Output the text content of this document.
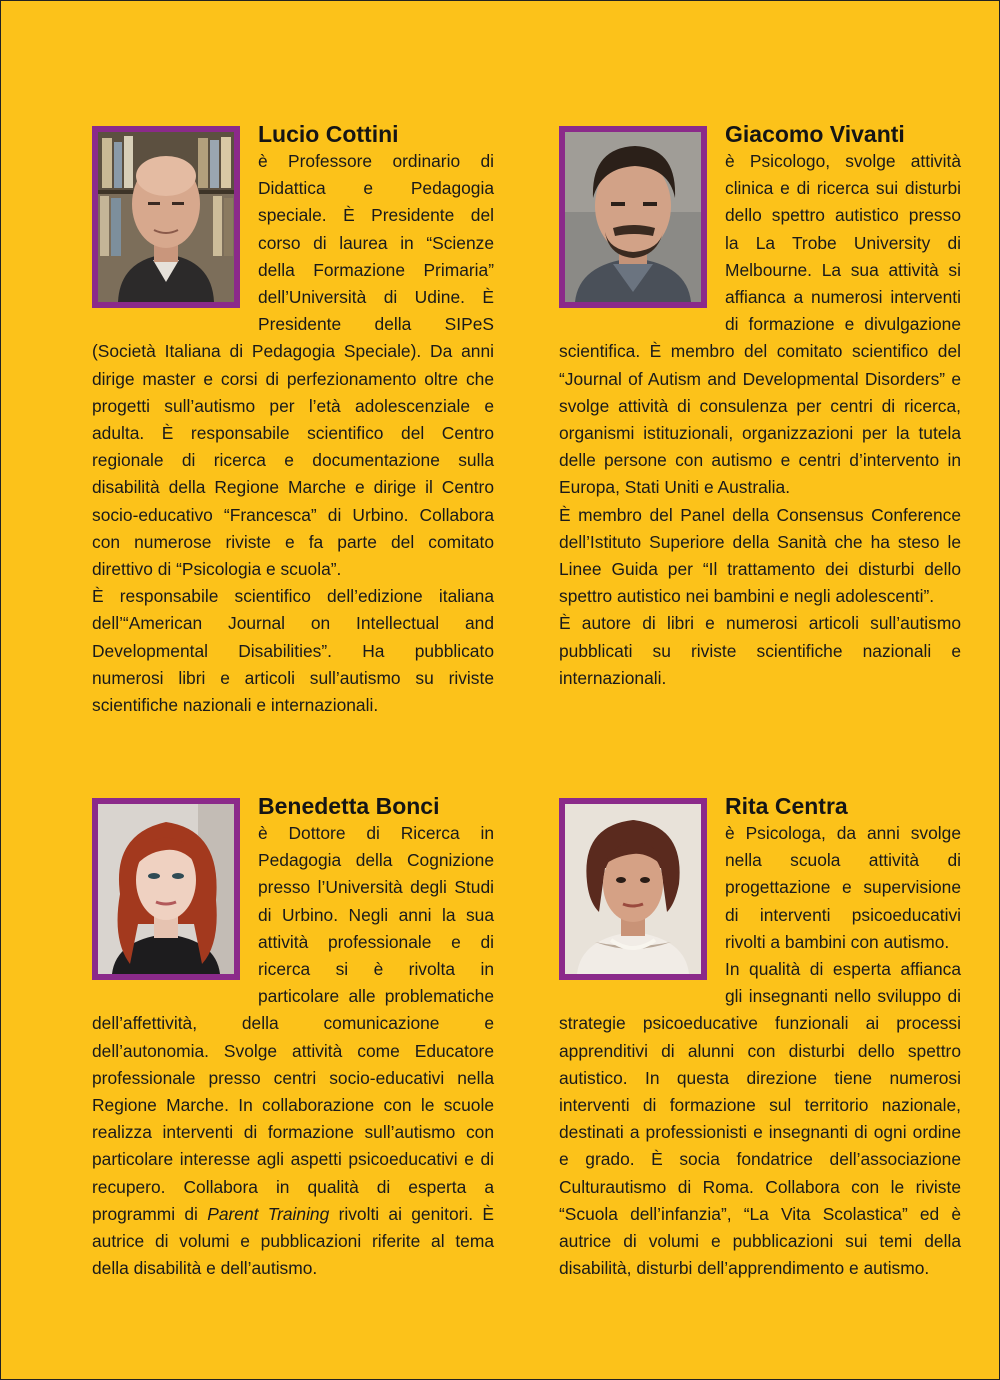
Lucio Cottini

è Professore ordinario di Didattica e Pedagogia speciale. È Presidente del corso di laurea in “Scienze della Formazione Primaria” dell’Università di Udine. È Presidente della SIPeS (Società Italiana di Pedagogia Speciale). Da anni dirige master e corsi di perfezionamento oltre che progetti sull’autismo per l’età adolescenziale e adulta. È responsabile scientifico del Centro regionale di ricerca e documentazione sulla disabilità della Regione Marche e dirige il Centro socio-educativo “Francesca” di Urbino. Collabora con numerose riviste e fa parte del comitato direttivo di “Psicologia e scuola”.

È responsabile scientifico dell’edizione italiana dell’“American Journal on Intellectual and Developmental Disabilities”. Ha pubblicato numerosi libri e articoli sull’autismo su riviste scientifiche nazionali e internazionali.

Giacomo Vivanti

è Psicologo, svolge attività clinica e di ricerca sui disturbi dello spettro autistico presso la La Trobe University di Melbourne. La sua attività si affianca a numerosi interventi di formazione e divulgazione scientifica. È membro del comitato scientifico del “Journal of Autism and Developmental Disorders” e svolge attività di consulenza per centri di ricerca, organismi istituzionali, organizzazioni per la tutela delle persone con autismo e centri d’intervento in Europa, Stati Uniti e Australia.

È membro del Panel della Consensus Conference dell’Istituto Superiore della Sanità che ha steso le Linee Guida per “Il trattamento dei disturbi dello spettro autistico nei bambini e negli adolescenti”.

È autore di libri e numerosi articoli sull’autismo pubblicati su riviste scientifiche nazionali e internazionali.

Benedetta Bonci

è Dottore di Ricerca in Pedagogia della Cognizione presso l’Università degli Studi di Urbino. Negli anni la sua attività professionale e di ricerca si è rivolta in particolare alle problematiche dell’affettività, della comunicazione e dell’autonomia. Svolge attività come Educatore professionale presso centri socio-educativi nella Regione Marche. In collaborazione con le scuole realizza interventi di formazione sull’autismo con particolare interesse agli aspetti psicoeducativi e di recupero. Collabora in qualità di esperta a programmi di Parent Training rivolti ai genitori. È autrice di volumi e pubblicazioni riferite al tema della disabilità e dell’autismo.

Rita Centra

è Psicologa, da anni svolge nella scuola attività di progettazione e supervisione di interventi psicoeducativi rivolti a bambini con autismo.

In qualità di esperta affianca gli insegnanti nello sviluppo di strategie psicoeducative funzionali ai processi apprenditivi di alunni con disturbi dello spettro autistico. In questa direzione tiene numerosi interventi di formazione sul territorio nazionale, destinati a professionisti e insegnanti di ogni ordine e grado. È socia fondatrice dell’associazione Culturautismo di Roma. Collabora con le riviste “Scuola dell’infanzia”, “La Vita Scolastica” ed è autrice di volumi e pubblicazioni sui temi della disabilità, disturbi dell’apprendimento e autismo.
